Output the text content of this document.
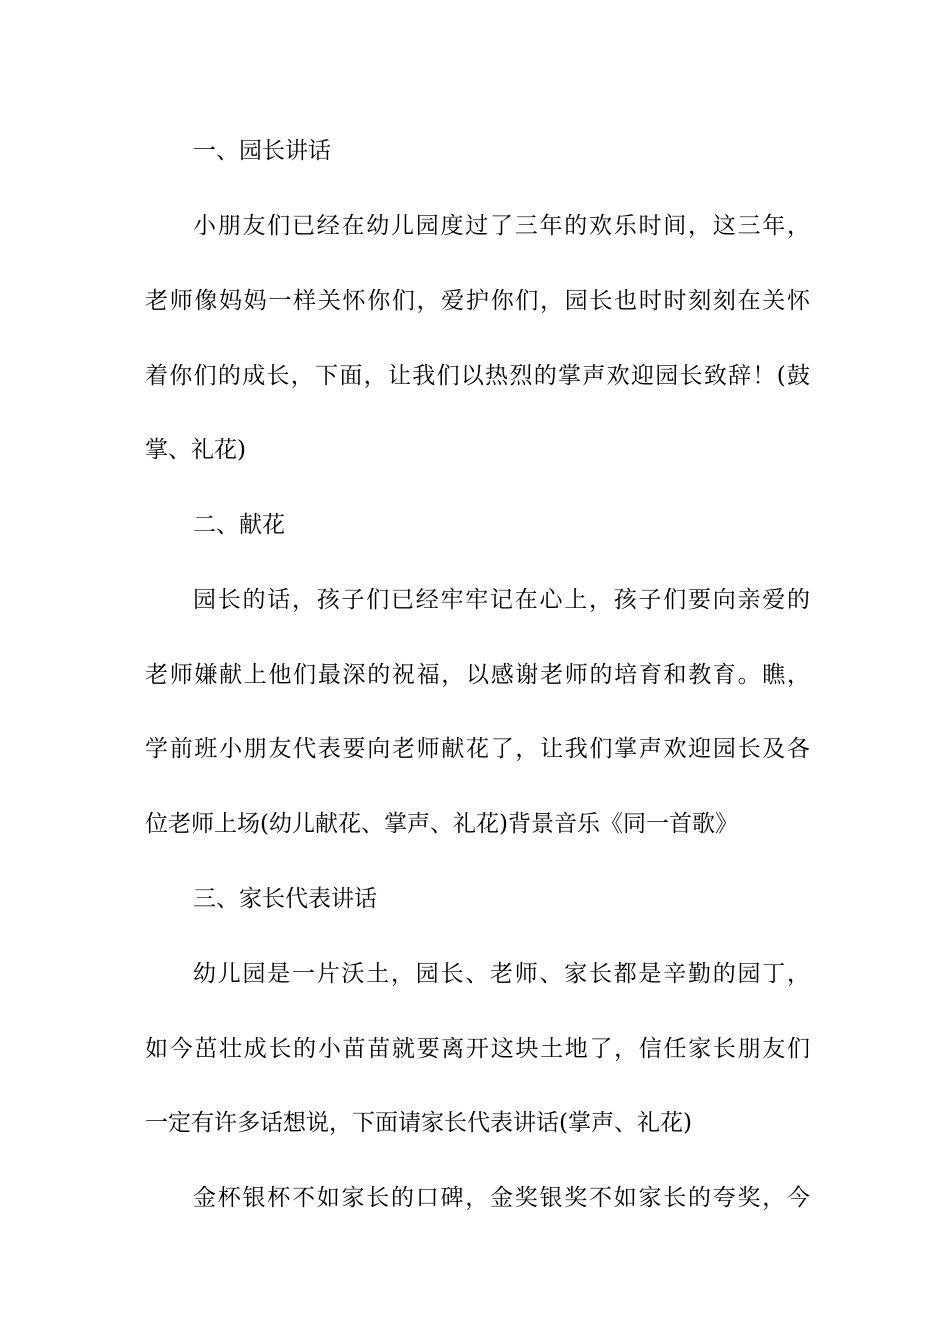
一、园长讲话

小朋友们已经在幼儿园度过了三年的欢乐时间，这三年，

老师像妈妈一样关怀你们，爱护你们，园长也时时刻刻在关怀

着你们的成长，下面，让我们以热烈的掌声欢迎园长致辞！(鼓

掌、礼花)

二、献花

园长的话，孩子们已经牢牢记在心上，孩子们要向亲爱的

老师嫌献上他们最深的祝福，以感谢老师的培育和教育。瞧，

学前班小朋友代表要向老师献花了，让我们掌声欢迎园长及各

位老师上场(幼儿献花、掌声、礼花)背景音乐《同一首歌》

三、家长代表讲话

幼儿园是一片沃土，园长、老师、家长都是辛勤的园丁，

如今茁壮成长的小苗苗就要离开这块土地了，信任家长朋友们

一定有许多话想说，下面请家长代表讲话(掌声、礼花)

金杯银杯不如家长的口碑，金奖银奖不如家长的夸奖，今
